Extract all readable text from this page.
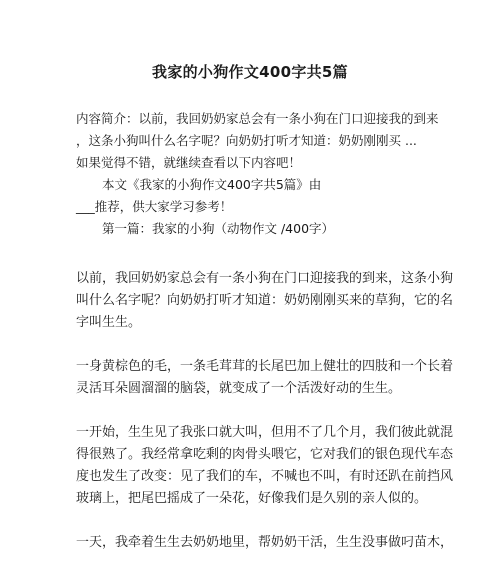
我家的小狗作文400字共5篇
内容简介：以前，我回奶奶家总会有一条小狗在门口迎接我的到来
，这条小狗叫什么名字呢？向奶奶打听才知道：奶奶刚刚买 ...
如果觉得不错，就继续查看以下内容吧！
本文《我家的小狗作文400字共5篇》由
___推荐，供大家学习参考！
第一篇：我家的小狗（动物作文 /400字）
以前，我回奶奶家总会有一条小狗在门口迎接我的到来，这条小狗
叫什么名字呢？向奶奶打听才知道：奶奶刚刚买来的草狗，它的名
字叫生生。
一身黄棕色的毛，一条毛茸茸的长尾巴加上健壮的四肢和一个长着
灵活耳朵圆溜溜的脑袋，就变成了一个活泼好动的生生。
一开始，生生见了我张口就大叫，但用不了几个月，我们彼此就混
得很熟了。我经常拿吃剩的肉骨头喂它，它对我们的银色现代车态
度也发生了改变：见了我们的车，不喊也不叫，有时还趴在前挡风
玻璃上，把尾巴摇成了一朵花，好像我们是久别的亲人似的。
一天，我牵着生生去奶奶地里，帮奶奶干活，生生没事做叼苗木，
